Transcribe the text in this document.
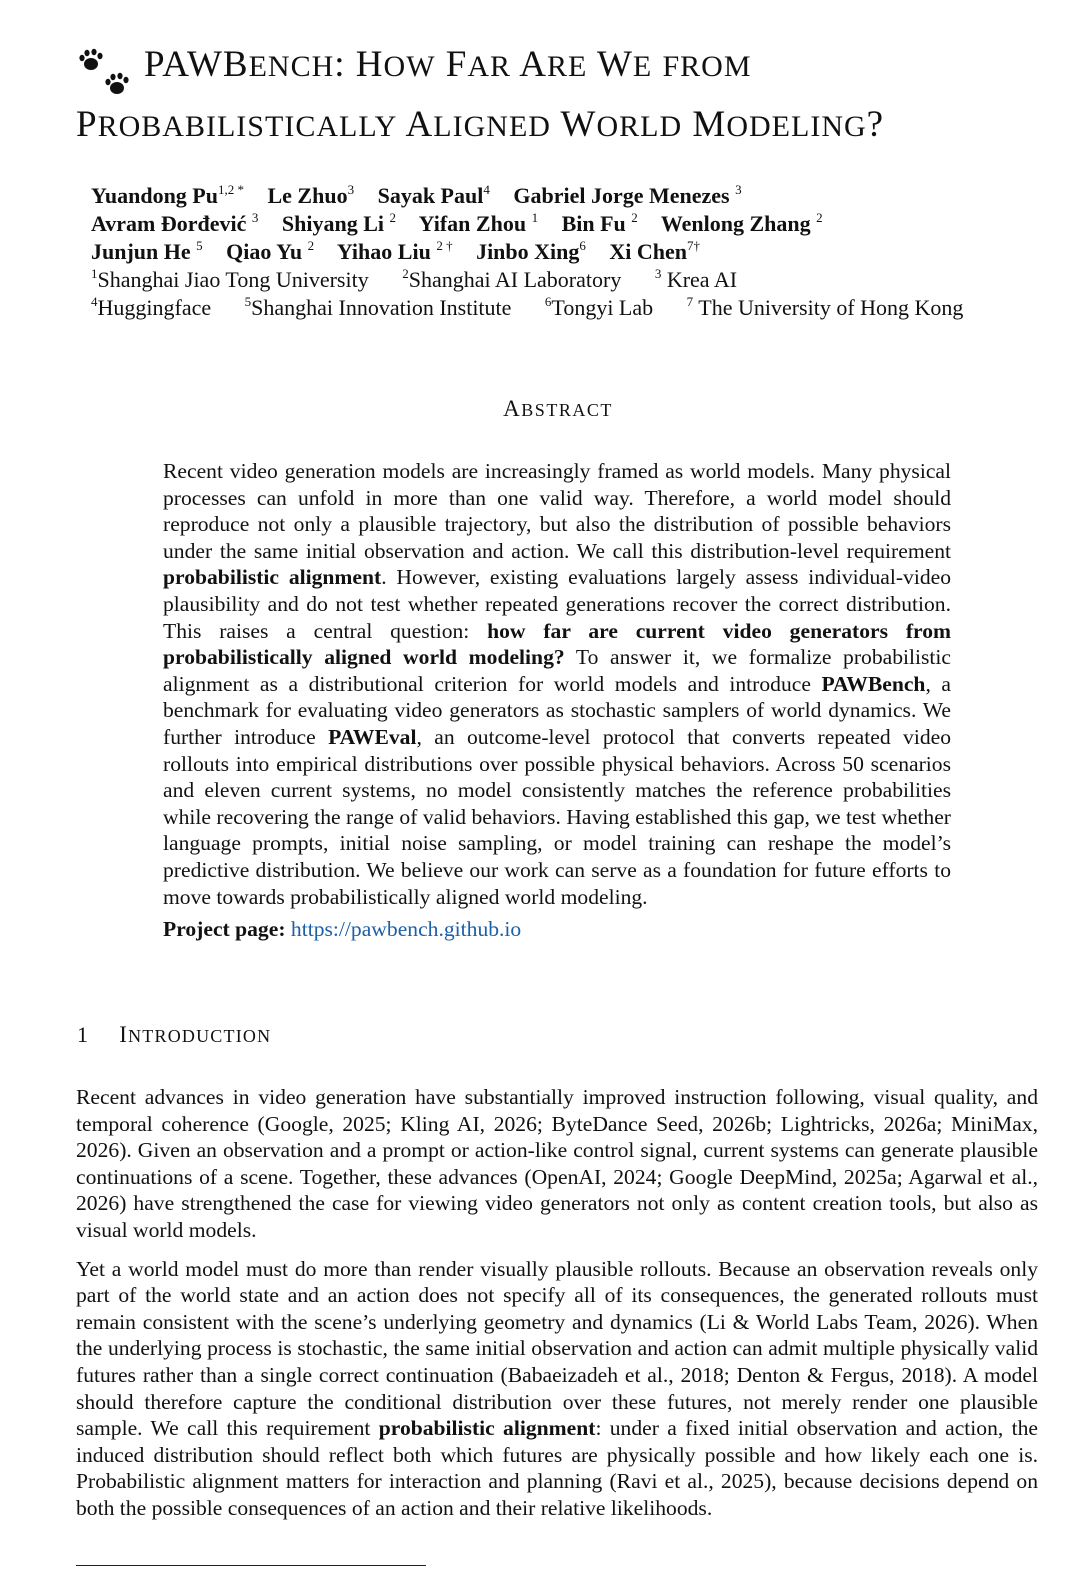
PAWBENCH: HOW FAR ARE WE FROM
PROBABILISTICALLY ALIGNED WORLD MODELING?
Yuandong $Pu^{1,2 *}$ Le Zhuo$^3$ Sayak Paul$^4$ Gabriel Jorge Menezes $^3$
Avram Đorđević $^3$ Shiyang Li $^2$ Yifan Zhou $^1$ Bin Fu $^2$ Wenlong Zhang $^2$
Junjun He $^5$ Qiao Yu $^2$ Yihao Liu $^{2 \dagger}$ Jinbo Xing$^6$ Xi Chen$^{7\dagger}$
$^1$Shanghai Jiao Tong University	$^2$Shanghai AI Laboratory	$^3$ Krea AI
$^4$Huggingface	$^5$Shanghai Innovation Institute	$^6$Tongyi Lab	$^7$ The University of Hong Kong
ABSTRACT
Recent video generation models are increasingly framed as world models. Many physical processes can unfold in more than one valid way. Therefore, a world model should reproduce not only a plausible trajectory, but also the distribution of possible behaviors under the same initial observation and action. We call this distribution-level requirement probabilistic alignment. However, existing evaluations largely assess individual-video plausibility and do not test whether repeated generations recover the correct distribution. This raises a central question: how far are current video generators from probabilistically aligned world modeling? To answer it, we formalize probabilistic alignment as a distributional criterion for world models and introduce PAWBench, a benchmark for evaluating video generators as stochastic samplers of world dynamics. We further introduce PAWEval, an outcome-level protocol that converts repeated video rollouts into empirical distributions over possible physical behaviors. Across 50 scenarios and eleven current systems, no model consistently matches the reference probabilities while recovering the range of valid behaviors. Having established this gap, we test whether language prompts, initial noise sampling, or model training can reshape the model’s predictive distribution. We believe our work can serve as a foundation for future efforts to move towards probabilistically aligned world modeling.
Project page: https://pawbench.github.io
1 INTRODUCTION

Recent advances in video generation have substantially improved instruction following, visual quality, and temporal coherence (Google, 2025; Kling AI, 2026; ByteDance Seed, 2026b; Lightricks, 2026a; MiniMax, 2026). Given an observation and a prompt or action-like control signal, current systems can generate plausible continuations of a scene. Together, these advances (OpenAI, 2024; Google DeepMind, 2025a; Agarwal et al., 2026) have strengthened the case for viewing video generators not only as content creation tools, but also as visual world models.

Yet a world model must do more than render visually plausible rollouts. Because an observation reveals only part of the world state and an action does not specify all of its consequences, the generated rollouts must remain consistent with the scene’s underlying geometry and dynamics (Li & World Labs Team, 2026). When the underlying process is stochastic, the same initial observation and action can admit multiple physically valid futures rather than a single correct continuation (Babaeizadeh et al., 2018; Denton & Fergus, 2018). A model should therefore capture the conditional distribution over these futures, not merely render one plausible sample. We call this requirement probabilistic alignment: under a fixed initial observation and action, the induced distribution should reflect both which futures are physically possible and how likely each one is. Probabilistic alignment matters for interaction and planning (Ravi et al., 2025), because decisions depend on both the possible consequences of an action and their relative likelihoods.
